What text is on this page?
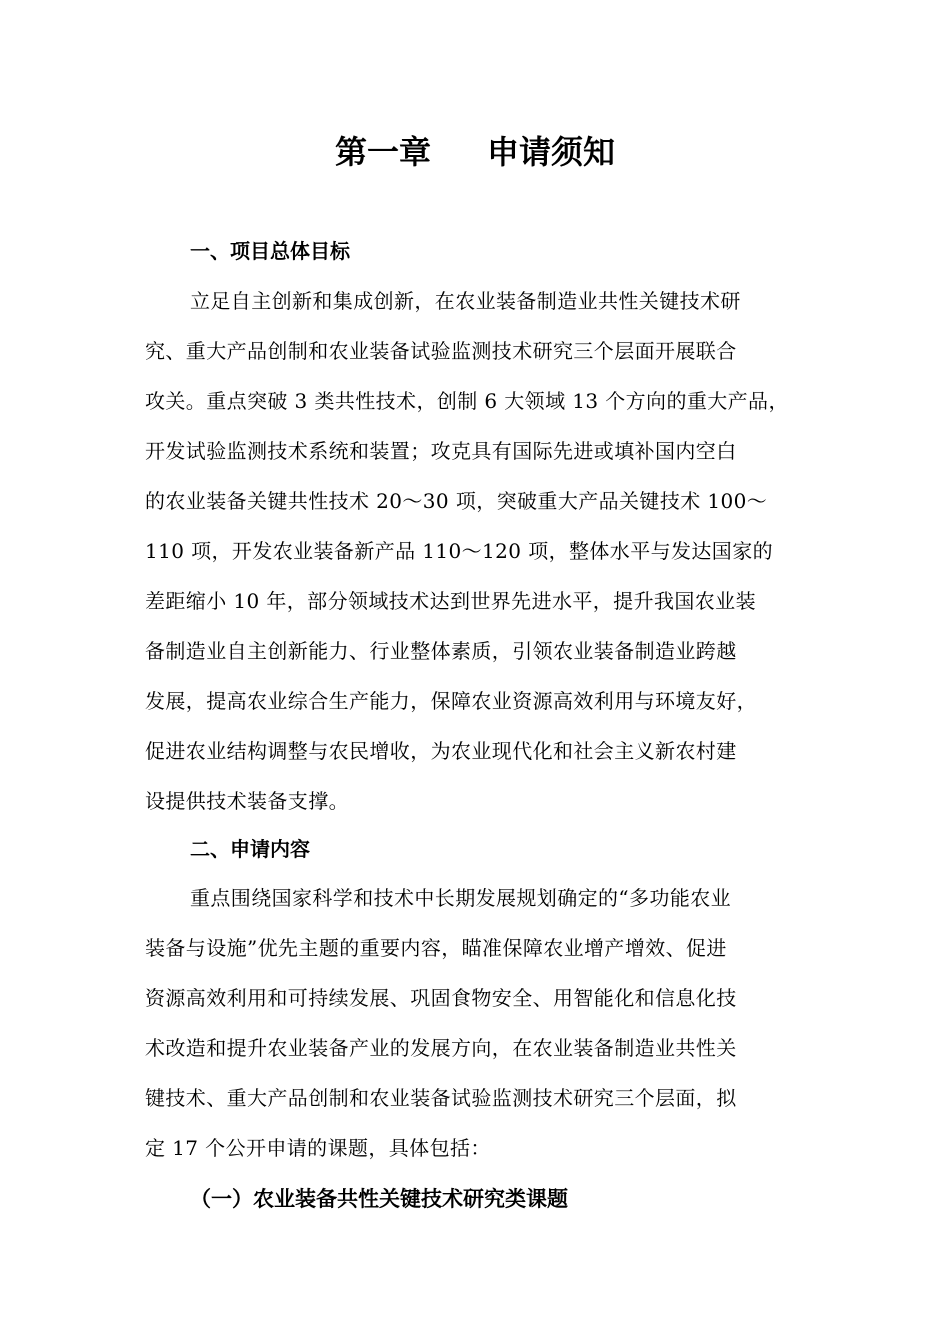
第一章 申请须知
一、项目总体目标
立足自主创新和集成创新，在农业装备制造业共性关键技术研
究、重大产品创制和农业装备试验监测技术研究三个层面开展联合
攻关。重点突破 3 类共性技术，创制 6 大领域 13 个方向的重大产品，
开发试验监测技术系统和装置；攻克具有国际先进或填补国内空白
的农业装备关键共性技术 20～30 项，突破重大产品关键技术 100～
110 项，开发农业装备新产品 110～120 项，整体水平与发达国家的
差距缩小 10 年，部分领域技术达到世界先进水平，提升我国农业装
备制造业自主创新能力、行业整体素质，引领农业装备制造业跨越
发展，提高农业综合生产能力，保障农业资源高效利用与环境友好，
促进农业结构调整与农民增收，为农业现代化和社会主义新农村建
设提供技术装备支撑。
二、申请内容
重点围绕国家科学和技术中长期发展规划确定的“多功能农业
装备与设施”优先主题的重要内容，瞄准保障农业增产增效、促进
资源高效利用和可持续发展、巩固食物安全、用智能化和信息化技
术改造和提升农业装备产业的发展方向，在农业装备制造业共性关
键技术、重大产品创制和农业装备试验监测技术研究三个层面，拟
定 17 个公开申请的课题，具体包括：
（一）农业装备共性关键技术研究类课题
